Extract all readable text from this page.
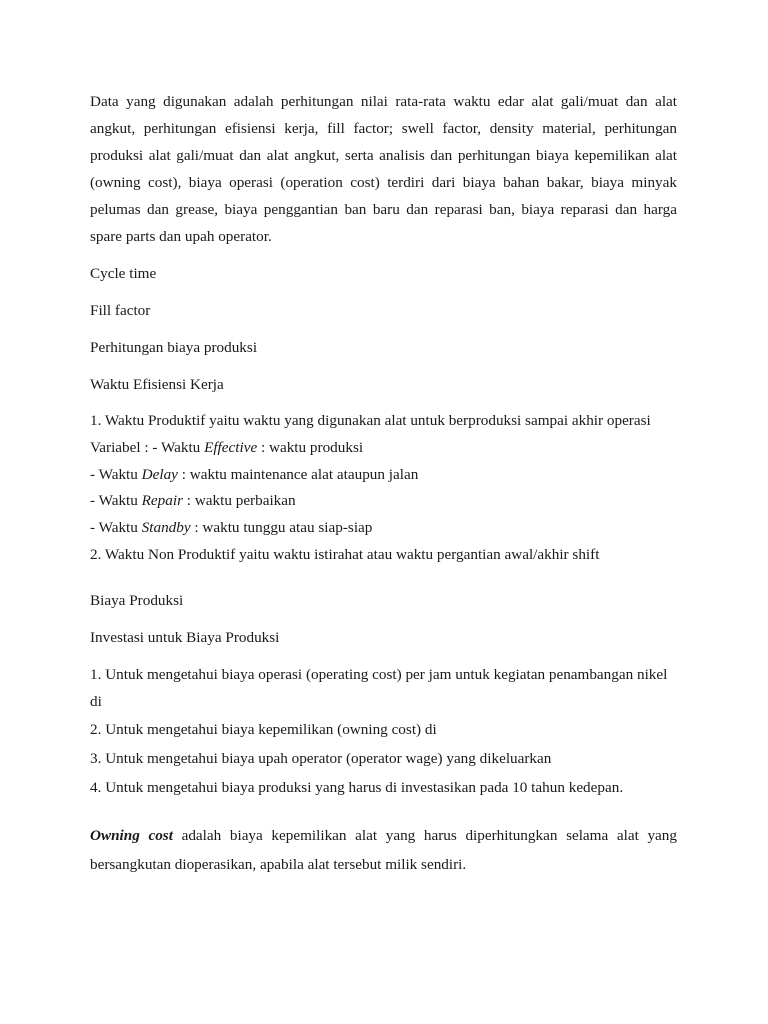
Data yang digunakan adalah perhitungan nilai rata-rata waktu edar alat gali/muat dan alat angkut, perhitungan efisiensi kerja, fill factor; swell factor, density material, perhitungan produksi alat gali/muat dan alat angkut, serta analisis dan perhitungan biaya kepemilikan alat (owning cost), biaya operasi (operation cost) terdiri dari biaya bahan bakar, biaya minyak pelumas dan grease, biaya penggantian ban baru dan reparasi ban, biaya reparasi dan harga spare parts dan upah operator.

Cycle time
Fill factor
Perhitungan biaya produksi
Waktu Efisiensi Kerja
1. Waktu Produktif yaitu waktu yang digunakan alat untuk berproduksi sampai akhir operasi
Variabel : - Waktu Effective : waktu produksi
- Waktu Delay : waktu maintenance alat ataupun jalan
- Waktu Repair : waktu perbaikan
- Waktu Standby : waktu tunggu atau siap-siap
2. Waktu Non Produktif yaitu waktu istirahat atau waktu pergantian awal/akhir shift
Biaya Produksi
Investasi untuk Biaya Produksi
1. Untuk mengetahui biaya operasi (operating cost) per jam untuk kegiatan penambangan nikel di
2. Untuk mengetahui biaya kepemilikan (owning cost) di
3. Untuk mengetahui biaya upah operator (operator wage) yang dikeluarkan
4. Untuk mengetahui biaya produksi yang harus di investasikan pada 10 tahun kedepan.

Owning cost adalah biaya kepemilikan alat yang harus diperhitungkan selama alat yang bersangkutan dioperasikan, apabila alat tersebut milik sendiri.
